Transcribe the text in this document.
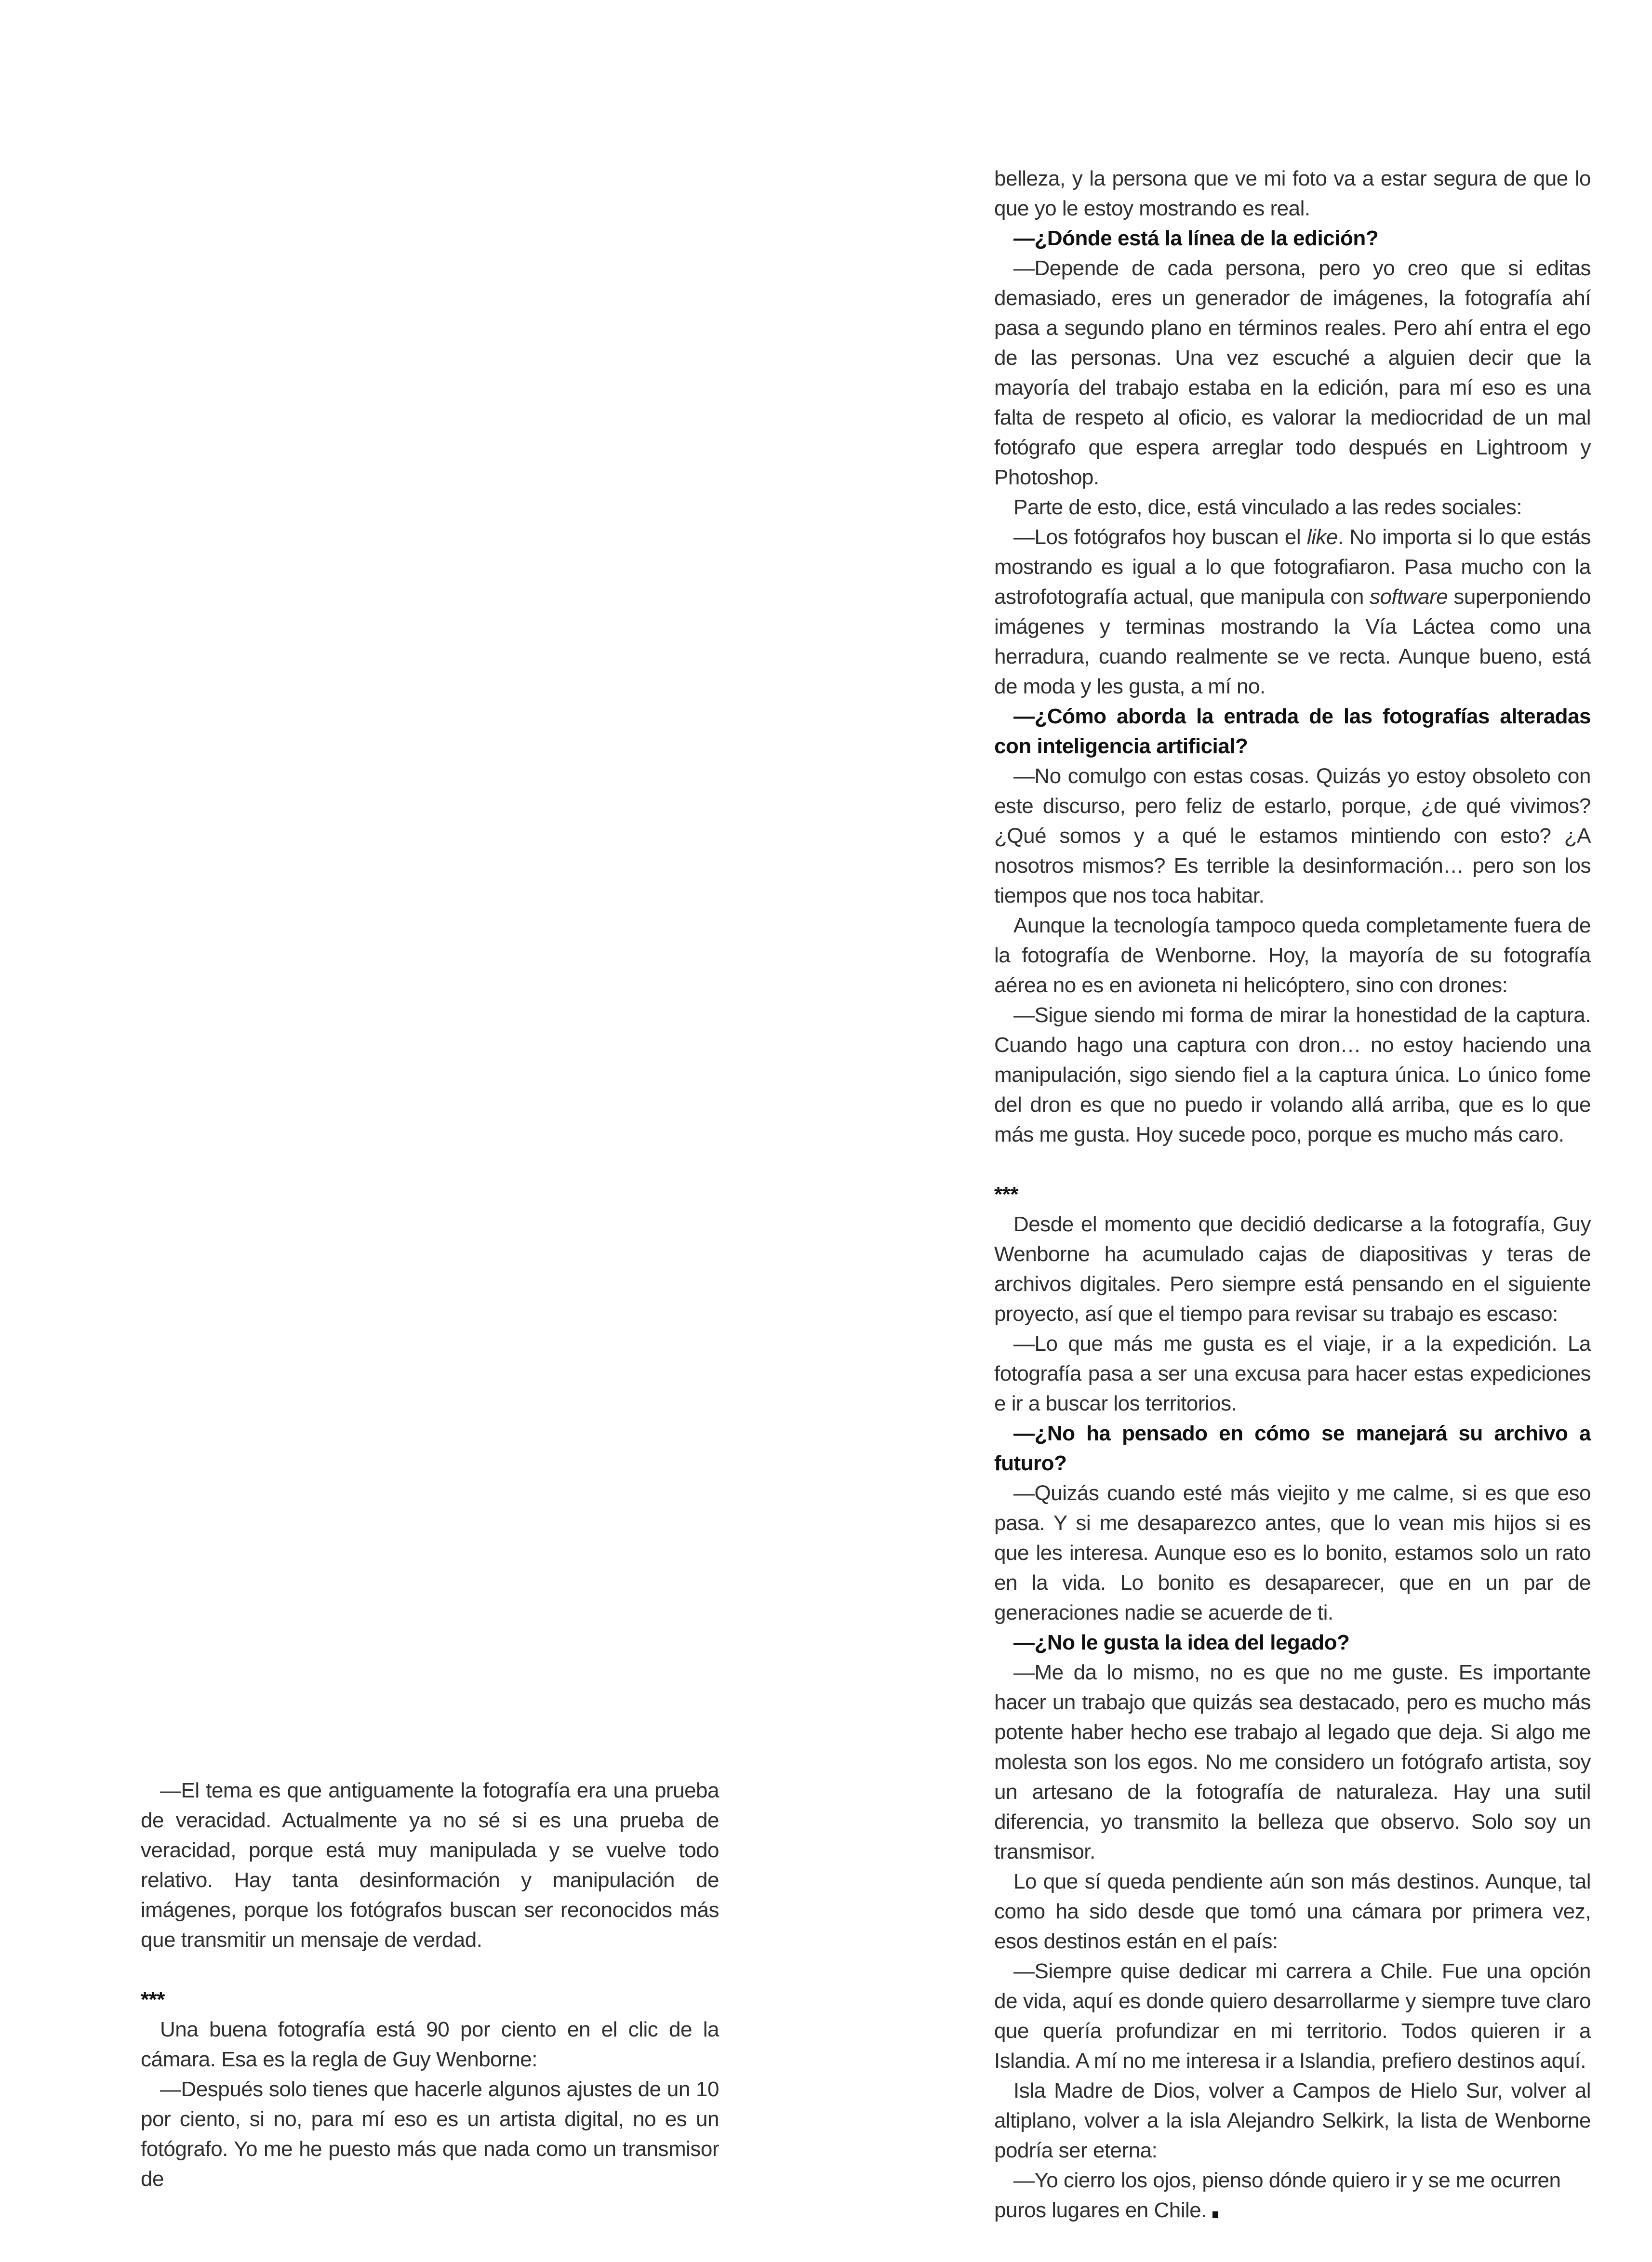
—El tema es que antiguamente la fotografía era una prueba de veracidad. Actualmente ya no sé si es una prueba de veracidad, porque está muy manipulada y se vuelve todo relativo. Hay tanta desinformación y manipulación de imágenes, porque los fotógrafos buscan ser reconocidos más que transmitir un mensaje de verdad.

***

Una buena fotografía está 90 por ciento en el clic de la cámara. Esa es la regla de Guy Wenborne:

—Después solo tienes que hacerle algunos ajustes de un 10 por ciento, si no, para mí eso es un artista digital, no es un fotógrafo. Yo me he puesto más que nada como un transmisor de

belleza, y la persona que ve mi foto va a estar segura de que lo que yo le estoy mostrando es real.

—¿Dónde está la línea de la edición?

—Depende de cada persona, pero yo creo que si editas demasiado, eres un generador de imágenes, la fotografía ahí pasa a segundo plano en términos reales. Pero ahí entra el ego de las personas. Una vez escuché a alguien decir que la mayoría del trabajo estaba en la edición, para mí eso es una falta de respeto al oficio, es valorar la mediocridad de un mal fotógrafo que espera arreglar todo después en Lightroom y Photoshop.

Parte de esto, dice, está vinculado a las redes sociales:

—Los fotógrafos hoy buscan el like. No importa si lo que estás mostrando es igual a lo que fotografiaron. Pasa mucho con la astrofotografía actual, que manipula con software superponiendo imágenes y terminas mostrando la Vía Láctea como una herradura, cuando realmente se ve recta. Aunque bueno, está de moda y les gusta, a mí no.

—¿Cómo aborda la entrada de las fotografías alteradas con inteligencia artificial?

—No comulgo con estas cosas. Quizás yo estoy obsoleto con este discurso, pero feliz de estarlo, porque, ¿de qué vivimos? ¿Qué somos y a qué le estamos mintiendo con esto? ¿A nosotros mismos? Es terrible la desinformación… pero son los tiempos que nos toca habitar.

Aunque la tecnología tampoco queda completamente fuera de la fotografía de Wenborne. Hoy, la mayoría de su fotografía aérea no es en avioneta ni helicóptero, sino con drones:

—Sigue siendo mi forma de mirar la honestidad de la captura. Cuando hago una captura con dron… no estoy haciendo una manipulación, sigo siendo fiel a la captura única. Lo único fome del dron es que no puedo ir volando allá arriba, que es lo que más me gusta. Hoy sucede poco, porque es mucho más caro.

***

Desde el momento que decidió dedicarse a la fotografía, Guy Wenborne ha acumulado cajas de diapositivas y teras de archivos digitales. Pero siempre está pensando en el siguiente proyecto, así que el tiempo para revisar su trabajo es escaso:

—Lo que más me gusta es el viaje, ir a la expedición. La fotografía pasa a ser una excusa para hacer estas expediciones e ir a buscar los territorios.

—¿No ha pensado en cómo se manejará su archivo a futuro?

—Quizás cuando esté más viejito y me calme, si es que eso pasa. Y si me desaparezco antes, que lo vean mis hijos si es que les interesa. Aunque eso es lo bonito, estamos solo un rato en la vida. Lo bonito es desaparecer, que en un par de generaciones nadie se acuerde de ti.

—¿No le gusta la idea del legado?

—Me da lo mismo, no es que no me guste. Es importante hacer un trabajo que quizás sea destacado, pero es mucho más potente haber hecho ese trabajo al legado que deja. Si algo me molesta son los egos. No me considero un fotógrafo artista, soy un artesano de la fotografía de naturaleza. Hay una sutil diferencia, yo transmito la belleza que observo. Solo soy un transmisor.

Lo que sí queda pendiente aún son más destinos. Aunque, tal como ha sido desde que tomó una cámara por primera vez, esos destinos están en el país:

—Siempre quise dedicar mi carrera a Chile. Fue una opción de vida, aquí es donde quiero desarrollarme y siempre tuve claro que quería profundizar en mi territorio. Todos quieren ir a Islandia. A mí no me interesa ir a Islandia, prefiero destinos aquí.

Isla Madre de Dios, volver a Campos de Hielo Sur, volver al altiplano, volver a la isla Alejandro Selkirk, la lista de Wenborne podría ser eterna:

—Yo cierro los ojos, pienso dónde quiero ir y se me ocurren puros lugares en Chile.
